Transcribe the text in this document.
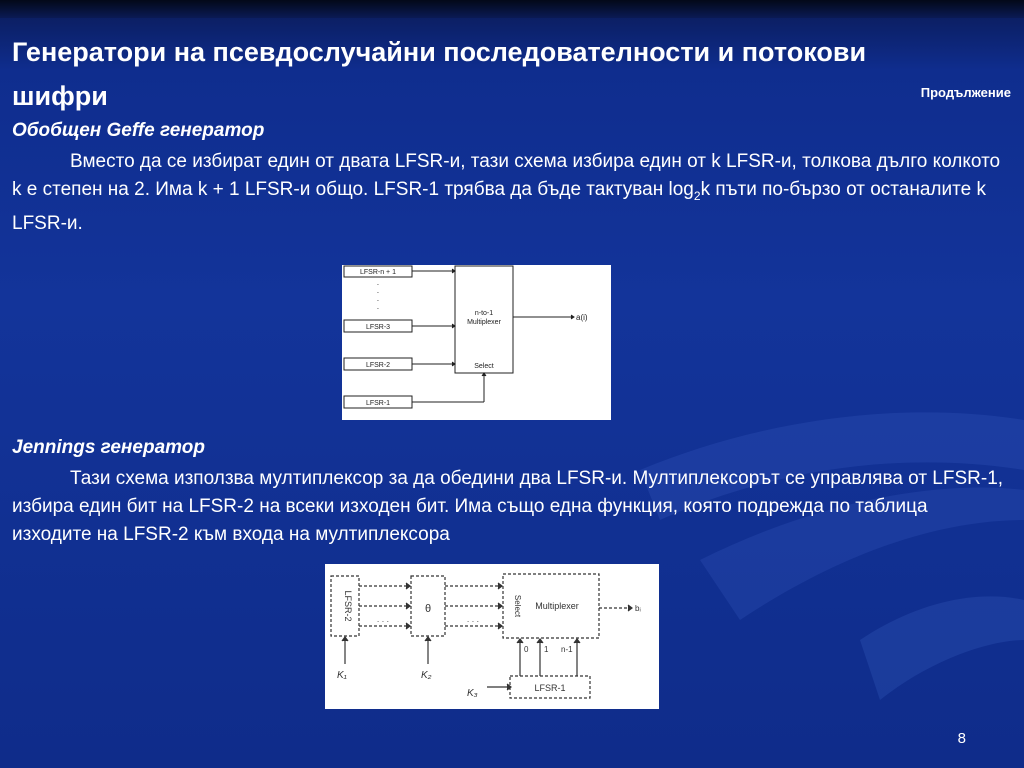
Генератори на псевдослучайни последователности и потокови шифри	Продължение
Обобщен Geffe генератор
Вместо да се избират един от двата LFSR-и, тази схема избира един от k LFSR-и, толкова дълго колкото k е степен на 2. Има k + 1 LFSR-и общо. LFSR-1 трябва да бъде тактуван $\log_2k$ пъти по-бързо от останалите k LFSR-и.
n-to-1
Multiplexer
Select
LFSR-n + 1
·
·
·
·
LFSR-3
LFSR-2
LFSR-1
a(i)
Jennings генератор
Тази схема използва мултиплексор за да обедини два LFSR-и. Мултиплексорът се управлява от LFSR-1, избира един бит на LFSR-2 на всеки изходен бит. Има също една функция, която подрежда по таблица изходите на LFSR-2 към входа на мултиплексора
LFSR-2	· · ·
θ
· · ·
Select Multiplexer	bᵢ
LFSR-1
0 1 n-1
K₁	K₂
K₃
8
